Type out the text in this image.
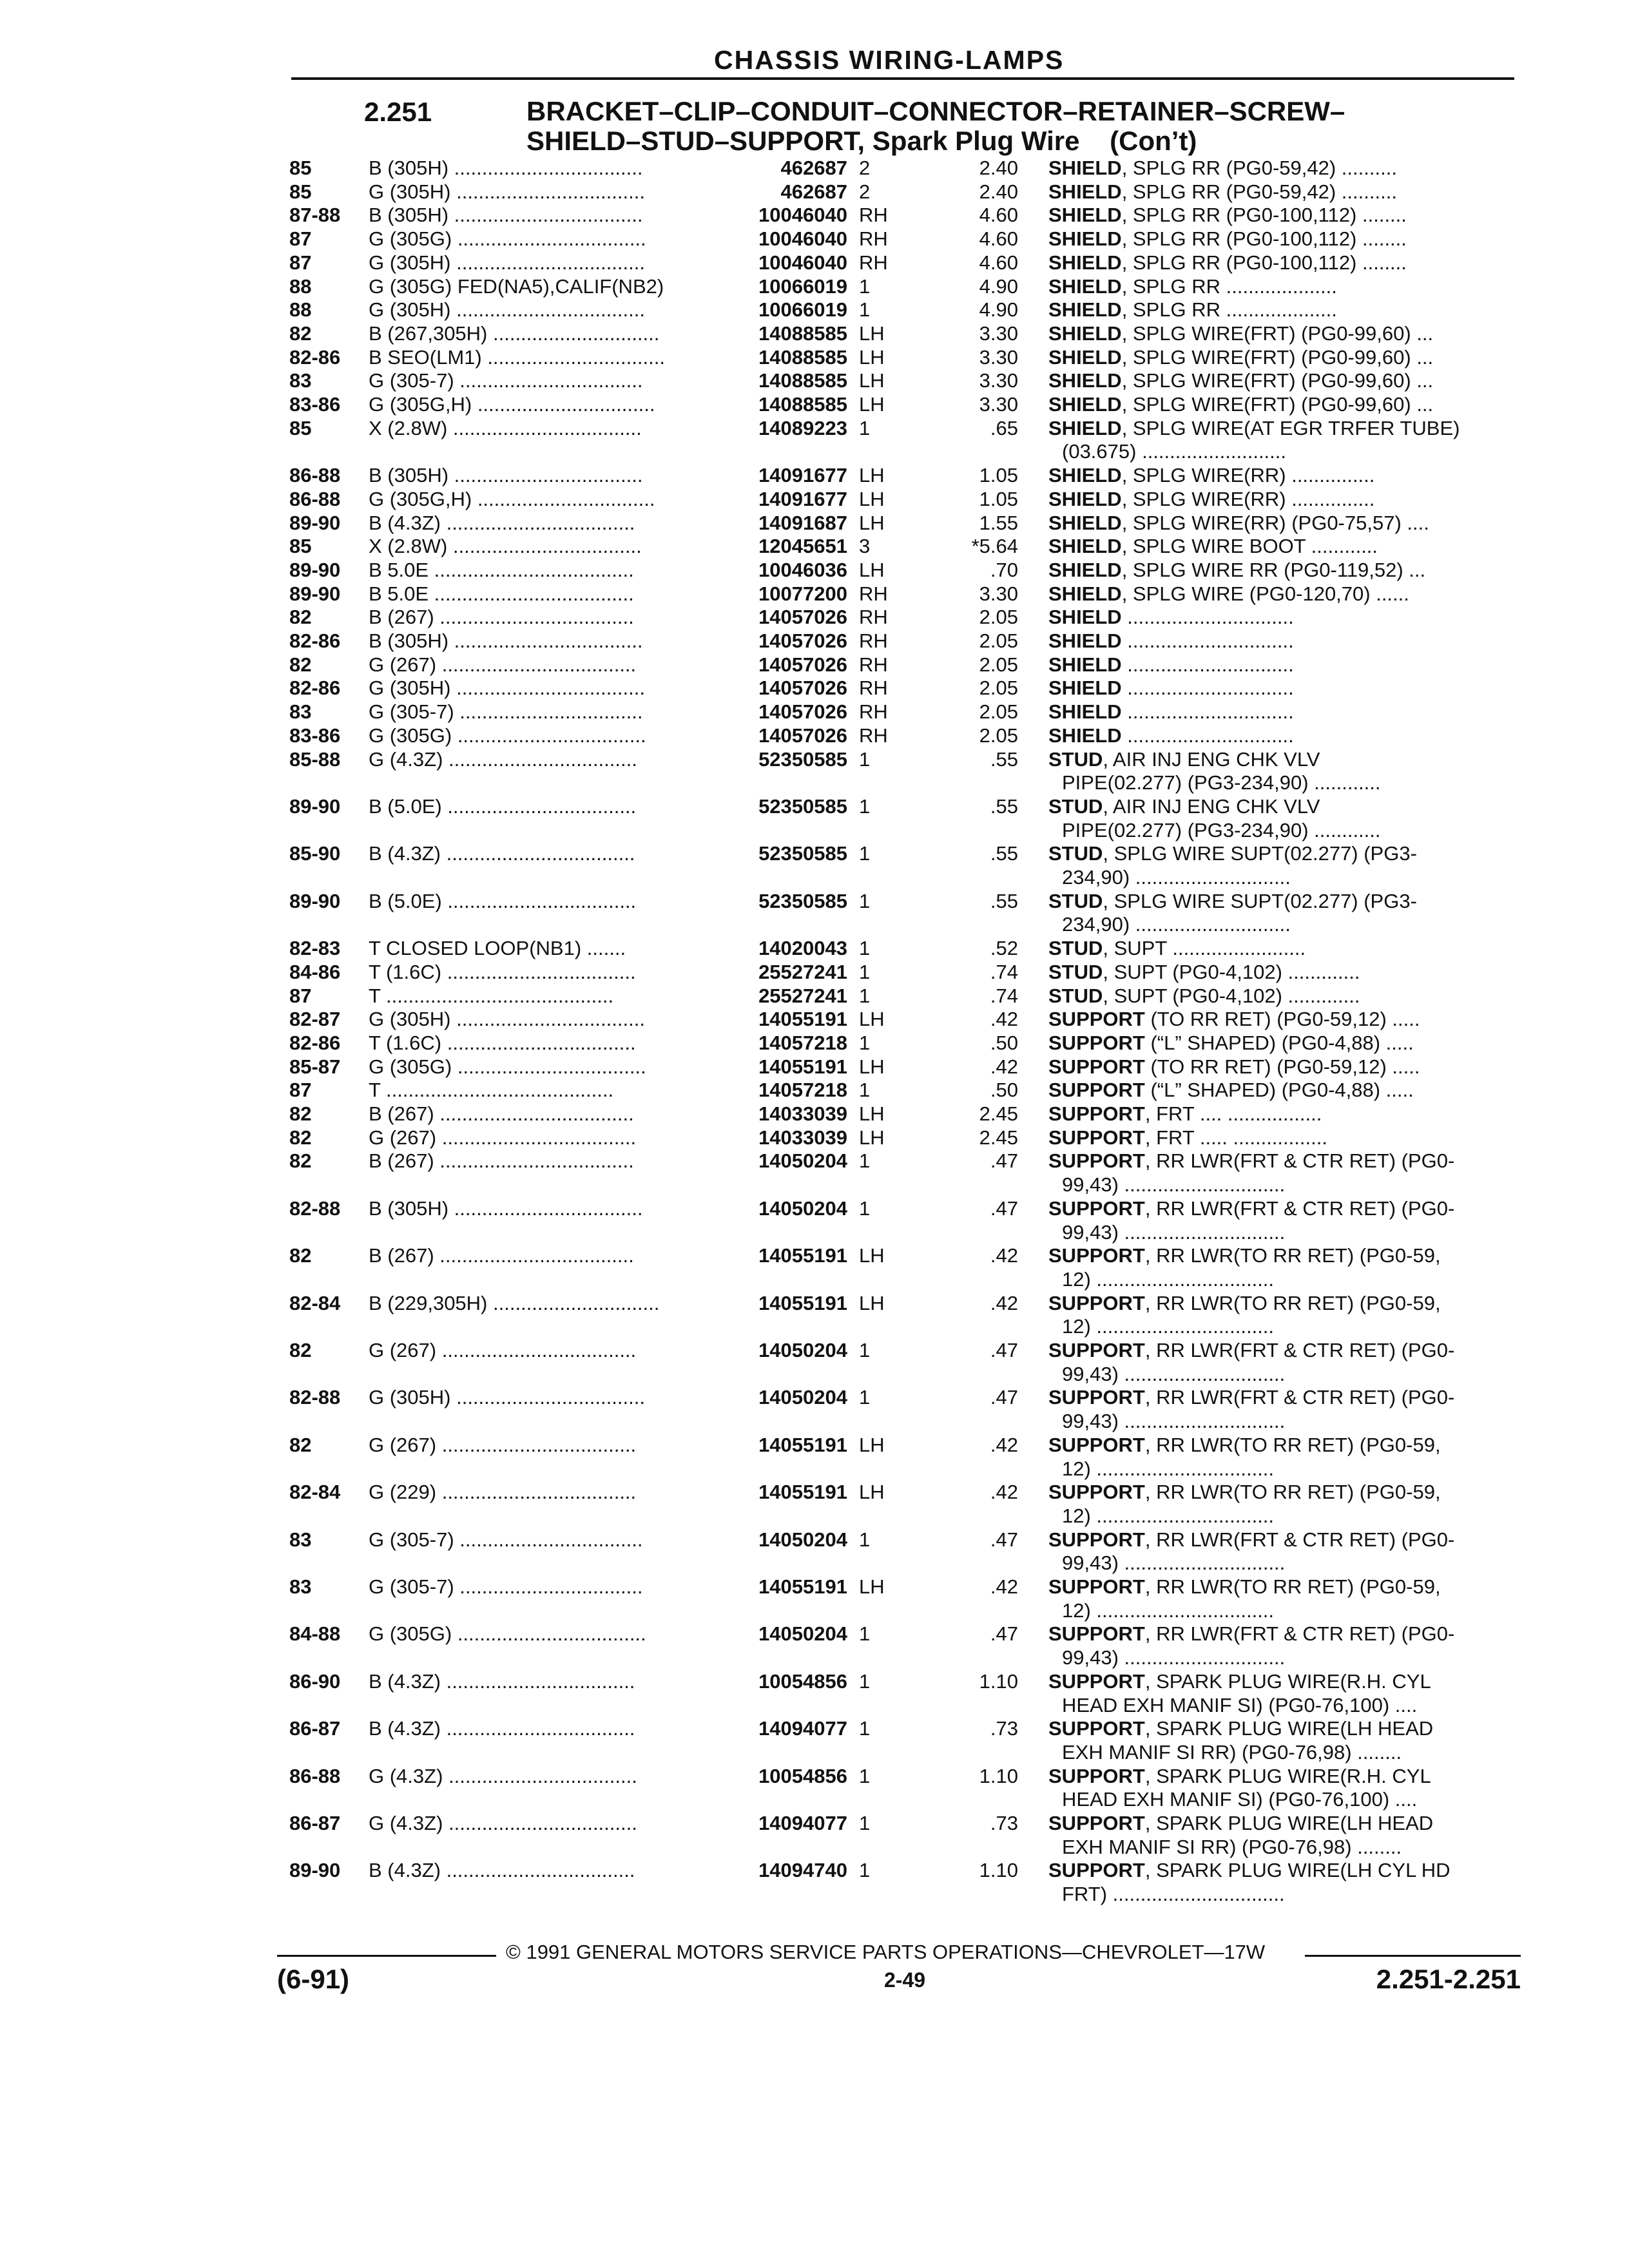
CHASSIS WIRING-LAMPS
2.251	BRACKET–CLIP–CONDUIT–CONNECTOR–RETAINER–SCREW–
SHIELD–STUD–SUPPORT, Spark Plug Wire    (Con’t)
85	B (305H) ..................................	462687 2	2.40 SHIELD, SPLG RR (PG0-59,42) ..........
85	G (305H) ..................................	462687 2	2.40 SHIELD, SPLG RR (PG0-59,42) ..........
87-88 B (305H) ..................................	10046040 RH	4.60 SHIELD, SPLG RR (PG0-100,112) ........
87	G (305G) ..................................	10046040 RH	4.60 SHIELD, SPLG RR (PG0-100,112) ........
87	G (305H) ..................................	10046040 RH	4.60 SHIELD, SPLG RR (PG0-100,112) ........
88	G (305G) FED(NA5),CALIF(NB2)	10066019 1	4.90 SHIELD, SPLG RR ....................
88	G (305H) ..................................	10066019 1	4.90 SHIELD, SPLG RR ....................
82	B (267,305H) ..............................	14088585 LH	3.30 SHIELD, SPLG WIRE(FRT) (PG0-99,60) ...
82-86 B SEO(LM1) ................................	14088585 LH	3.30 SHIELD, SPLG WIRE(FRT) (PG0-99,60) ...
83	G (305-7) .................................	14088585 LH	3.30 SHIELD, SPLG WIRE(FRT) (PG0-99,60) ...
83-86 G (305G,H) ................................	14088585 LH	3.30 SHIELD, SPLG WIRE(FRT) (PG0-99,60) ...
85	X (2.8W) ..................................	14089223 1	.65 SHIELD, SPLG WIRE(AT EGR TRFER TUBE)
(03.675) ..........................
86-88 B (305H) ..................................	14091677 LH	1.05 SHIELD, SPLG WIRE(RR) ...............
86-88 G (305G,H) ................................	14091677 LH	1.05 SHIELD, SPLG WIRE(RR) ...............
89-90 B (4.3Z) ..................................	14091687 LH	1.55 SHIELD, SPLG WIRE(RR) (PG0-75,57) ....
85	X (2.8W) ..................................	12045651 3	*5.64 SHIELD, SPLG WIRE BOOT ............
89-90 B 5.0E ....................................	10046036 LH	.70 SHIELD, SPLG WIRE RR (PG0-119,52) ...
89-90 B 5.0E ....................................	10077200 RH	3.30 SHIELD, SPLG WIRE (PG0-120,70) ......
82	B (267) ...................................	14057026 RH	2.05 SHIELD ..............................
82-86 B (305H) ..................................	14057026 RH	2.05 SHIELD ..............................
82	G (267) ...................................	14057026 RH	2.05 SHIELD ..............................
82-86 G (305H) ..................................	14057026 RH	2.05 SHIELD ..............................
83	G (305-7) .................................	14057026 RH	2.05 SHIELD ..............................
83-86 G (305G) ..................................	14057026 RH	2.05 SHIELD ..............................
85-88 G (4.3Z) ..................................	52350585 1	.55 STUD, AIR INJ ENG CHK VLV
PIPE(02.277) (PG3-234,90) ............
89-90 B (5.0E) ..................................	52350585 1	.55 STUD, AIR INJ ENG CHK VLV
PIPE(02.277) (PG3-234,90) ............
85-90 B (4.3Z) ..................................	52350585 1	.55 STUD, SPLG WIRE SUPT(02.277) (PG3-
234,90) ............................
89-90 B (5.0E) ..................................	52350585 1	.55 STUD, SPLG WIRE SUPT(02.277) (PG3-
234,90) ............................
82-83 T CLOSED LOOP(NB1) .......	14020043 1	.52 STUD, SUPT ........................
84-86 T (1.6C) ..................................	25527241 1	.74 STUD, SUPT (PG0-4,102) .............
87	T .........................................	25527241 1	.74 STUD, SUPT (PG0-4,102) .............
82-87 G (305H) ..................................	14055191 LH	.42 SUPPORT (TO RR RET) (PG0-59,12) .....
82-86 T (1.6C) ..................................	14057218 1	.50 SUPPORT (“L” SHAPED) (PG0-4,88) .....
85-87 G (305G) ..................................	14055191 LH	.42 SUPPORT (TO RR RET) (PG0-59,12) .....
87	T .........................................	14057218 1	.50 SUPPORT (“L” SHAPED) (PG0-4,88) .....
82	B (267) ...................................	14033039 LH	2.45 SUPPORT, FRT .... .................
82	G (267) ...................................	14033039 LH	2.45 SUPPORT, FRT ..... .................
82	B (267) ...................................	14050204 1	.47 SUPPORT, RR LWR(FRT & CTR RET) (PG0-
99,43) .............................
82-88 B (305H) ..................................	14050204 1	.47 SUPPORT, RR LWR(FRT & CTR RET) (PG0-
99,43) .............................
82	B (267) ...................................	14055191 LH	.42 SUPPORT, RR LWR(TO RR RET) (PG0-59,
12) ................................
82-84 B (229,305H) ..............................	14055191 LH	.42 SUPPORT, RR LWR(TO RR RET) (PG0-59,
12) ................................
82	G (267) ...................................	14050204 1	.47 SUPPORT, RR LWR(FRT & CTR RET) (PG0-
99,43) .............................
82-88 G (305H) ..................................	14050204 1	.47 SUPPORT, RR LWR(FRT & CTR RET) (PG0-
99,43) .............................
82	G (267) ...................................	14055191 LH	.42 SUPPORT, RR LWR(TO RR RET) (PG0-59,
12) ................................
82-84 G (229) ...................................	14055191 LH	.42 SUPPORT, RR LWR(TO RR RET) (PG0-59,
12) ................................
83	G (305-7) .................................	14050204 1	.47 SUPPORT, RR LWR(FRT & CTR RET) (PG0-
99,43) .............................
83	G (305-7) .................................	14055191 LH	.42 SUPPORT, RR LWR(TO RR RET) (PG0-59,
12) ................................
84-88 G (305G) ..................................	14050204 1	.47 SUPPORT, RR LWR(FRT & CTR RET) (PG0-
99,43) .............................
86-90 B (4.3Z) ..................................	10054856 1	1.10 SUPPORT, SPARK PLUG WIRE(R.H. CYL
HEAD EXH MANIF SI) (PG0-76,100) ....
86-87 B (4.3Z) ..................................	14094077 1	.73 SUPPORT, SPARK PLUG WIRE(LH HEAD
EXH MANIF SI RR) (PG0-76,98) ........
86-88 G (4.3Z) ..................................	10054856 1	1.10 SUPPORT, SPARK PLUG WIRE(R.H. CYL
HEAD EXH MANIF SI) (PG0-76,100) ....
86-87 G (4.3Z) ..................................	14094077 1	.73 SUPPORT, SPARK PLUG WIRE(LH HEAD
EXH MANIF SI RR) (PG0-76,98) ........
89-90 B (4.3Z) ..................................	14094740 1	1.10 SUPPORT, SPARK PLUG WIRE(LH CYL HD
FRT) ...............................
© 1991 GENERAL MOTORS SERVICE PARTS OPERATIONS—CHEVROLET—17W
(6-91)	2-49	2.251-2.251
